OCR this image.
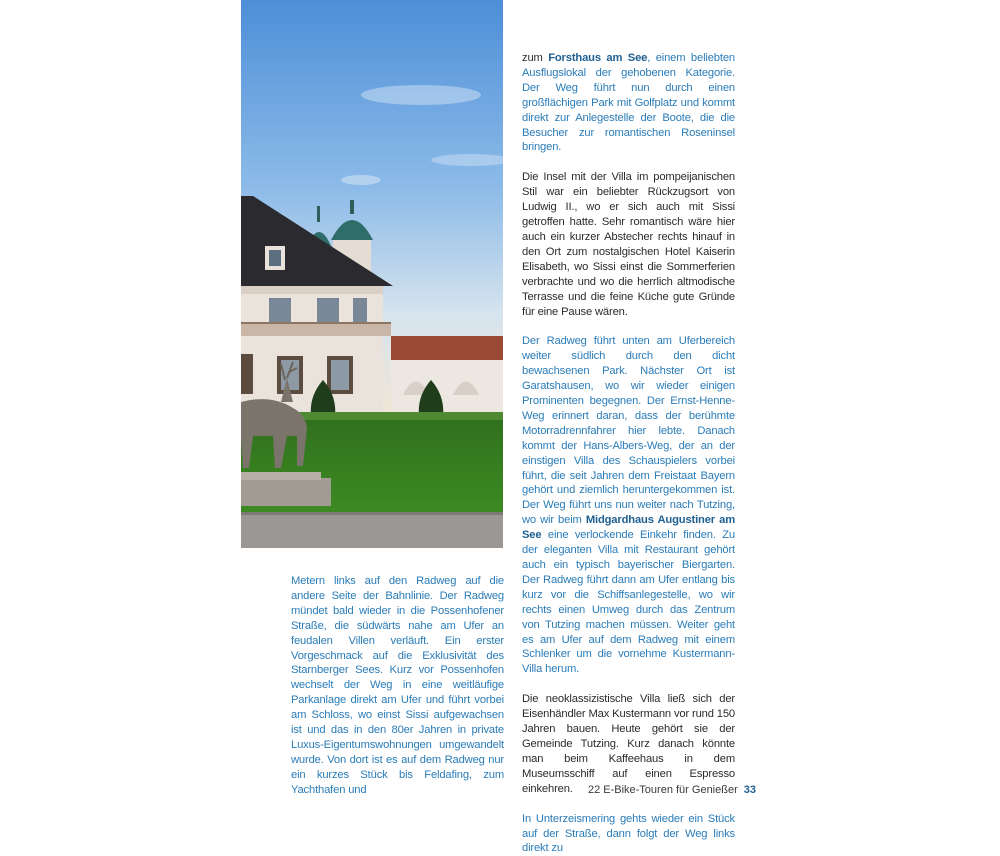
Metern links auf den Radweg auf die andere Seite der Bahnlinie. Der Radweg mündet bald wieder in die Possenhofener Straße, die südwärts nahe am Ufer an feudalen Villen verläuft. Ein erster Vorgeschmack auf die Exklusivität des Starnberger Sees. Kurz vor Possenhofen wechselt der Weg in eine weitläufige Parkanlage direkt am Ufer und führt vorbei am Schloss, wo einst Sissi aufgewachsen ist und das in den 80er Jahren in private Luxus-Eigentumswohnungen umgewandelt wurde. Von dort ist es auf dem Radweg nur ein kurzes Stück bis Feldafing, zum Yachthafen und

zum Forsthaus am See, einem beliebten Ausflugslokal der gehobenen Kategorie. Der Weg führt nun durch einen großflächigen Park mit Golfplatz und kommt direkt zur Anlegestelle der Boote, die die Besucher zur romantischen Roseninsel bringen.

Die Insel mit der Villa im pompeijanischen Stil war ein beliebter Rückzugsort von Ludwig II., wo er sich auch mit Sissi getroffen hatte. Sehr romantisch wäre hier auch ein kurzer Abstecher rechts hinauf in den Ort zum nostalgischen Hotel Kaiserin Elisabeth, wo Sissi einst die Sommerferien verbrachte und wo die herrlich altmodische Terrasse und die feine Küche gute Gründe für eine Pause wären.

Der Radweg führt unten am Uferbereich weiter südlich durch den dicht bewachsenen Park. Nächster Ort ist Garatshausen, wo wir wieder einigen Prominenten begegnen. Der Ernst-Henne-Weg erinnert daran, dass der berühmte Motorradrennfahrer hier lebte. Danach kommt der Hans-Albers-Weg, der an der einstigen Villa des Schauspielers vorbei führt, die seit Jahren dem Freistaat Bayern gehört und ziemlich heruntergekommen ist. Der Weg führt uns nun weiter nach Tutzing, wo wir beim Midgardhaus Augustiner am See eine verlockende Einkehr finden. Zu der eleganten Villa mit Restaurant gehört auch ein typisch bayerischer Biergarten. Der Radweg führt dann am Ufer entlang bis kurz vor die Schiffsanlegestelle, wo wir rechts einen Umweg durch das Zentrum von Tutzing machen müssen. Weiter geht es am Ufer auf dem Radweg mit einem Schlenker um die vornehme Kustermann-Villa herum.

Die neoklassizistische Villa ließ sich der Eisenhändler Max Kustermann vor rund 150 Jahren bauen. Heute gehört sie der Gemeinde Tutzing. Kurz danach könnte man beim Kaffeehaus in dem Museumsschiff auf einen Espresso einkehren.

In Unterzeismering gehts wieder ein Stück auf der Straße, dann folgt der Weg links direkt zu

22 E-Bike-Touren für Genießer 33
